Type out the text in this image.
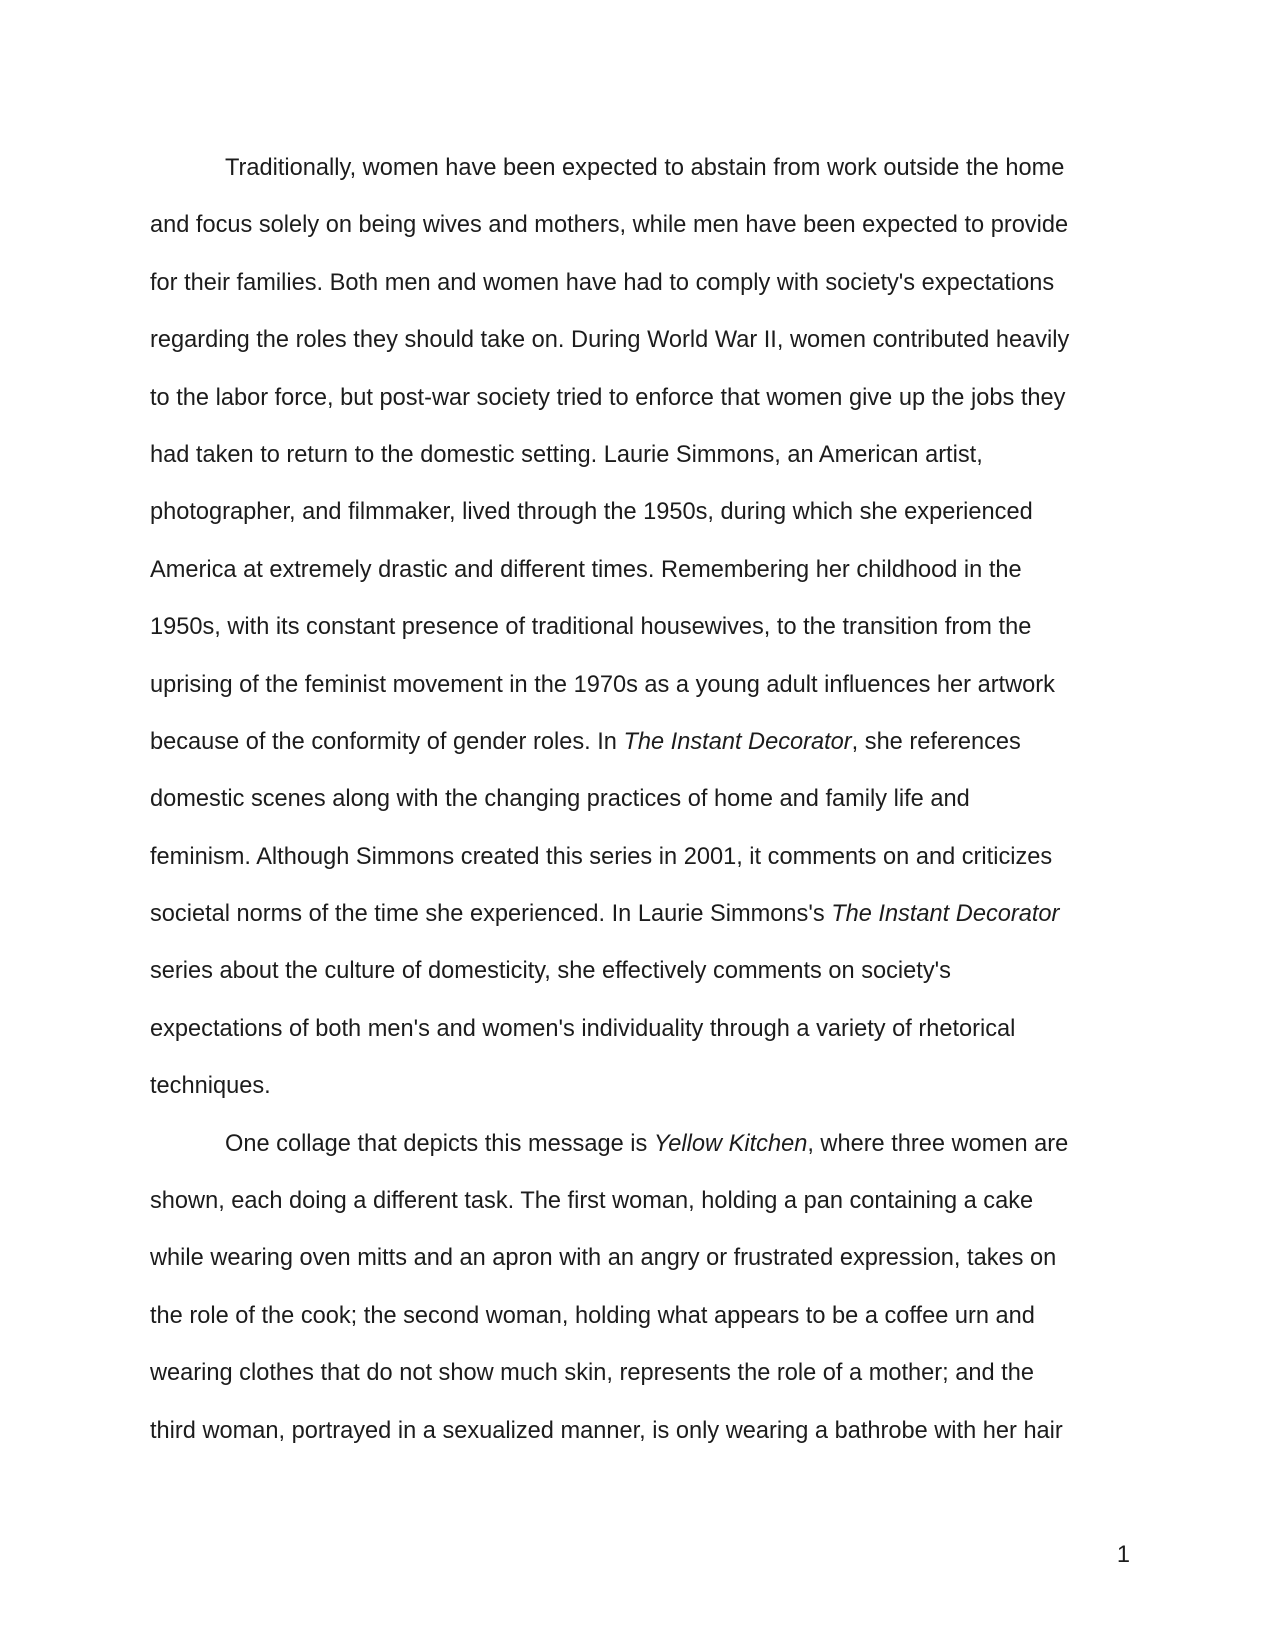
Traditionally, women have been expected to abstain from work outside the home
and focus solely on being wives and mothers, while men have been expected to provide
for their families. Both men and women have had to comply with society's expectations
regarding the roles they should take on. During World War II, women contributed heavily
to the labor force, but post-war society tried to enforce that women give up the jobs they
had taken to return to the domestic setting. Laurie Simmons, an American artist,
photographer, and filmmaker, lived through the 1950s, during which she experienced
America at extremely drastic and different times. Remembering her childhood in the
1950s, with its constant presence of traditional housewives, to the transition from the
uprising of the feminist movement in the 1970s as a young adult influences her artwork
because of the conformity of gender roles. In The Instant Decorator, she references
domestic scenes along with the changing practices of home and family life and
feminism. Although Simmons created this series in 2001, it comments on and criticizes
societal norms of the time she experienced. In Laurie Simmons's The Instant Decorator
series about the culture of domesticity, she effectively comments on society's
expectations of both men's and women's individuality through a variety of rhetorical
techniques.
One collage that depicts this message is Yellow Kitchen, where three women are
shown, each doing a different task. The first woman, holding a pan containing a cake
while wearing oven mitts and an apron with an angry or frustrated expression, takes on
the role of the cook; the second woman, holding what appears to be a coffee urn and
wearing clothes that do not show much skin, represents the role of a mother; and the
third woman, portrayed in a sexualized manner, is only wearing a bathrobe with her hair
1
